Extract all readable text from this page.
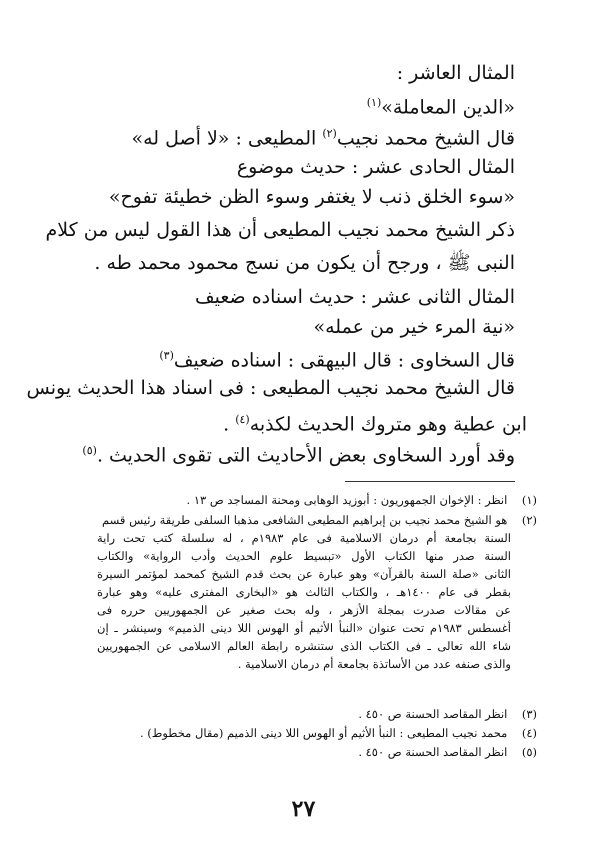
المثال العاشر :
«الدين المعاملة»$^{(١)}$
قال الشيخ محمد نجيب$^{(٢)}$ المطيعى : «لا أصل له»
المثال الحادى عشر : حديث موضوع
«سوء الخلق ذنب لا يغتفر وسوء الظن خطيئة تفوح»
ذكر الشيخ محمد نجيب المطيعى أن هذا القول ليس من كلام
النبى ﷺ ، ورجح أن يكون من نسج محمود محمد طه .
المثال الثانى عشر : حديث اسناده ضعيف
«نية المرء خير من عمله»
قال السخاوى : قال البيهقى : اسناده ضعيف$^{(٣)}$
قال الشيخ محمد نجيب المطيعى : فى اسناد هذا الحديث يونس
ابن عطية وهو متروك الحديث لكذبه$^{(٤)}$ .
وقد أورد السخاوى بعض الأحاديث التى تقوى الحديث .$^{(٥)}$
(١) انظر : الإخوان الجمهوريون : أبوزيد الوهابى ومحنة المساجد ص ١٣ .
(٢) هو الشيخ محمد نجيب بن إبراهيم المطيعى الشافعى مذهبا السلفى طريقة رئيس قسم
السنة بجامعة أم درمان الاسلامية فى عام ١٩٨٣م ، له سلسلة كتب تحت راية
السنة صدر منها الكتاب الأول «تبسيط علوم الحديث وأدب الرواية» والكتاب
الثانى «صلة السنة بالقرآن» وهو عبارة عن بحث قدم الشيخ كمحمد لمؤتمر السيرة
بقطر فى عام ١٤٠٠هـ ، والكتاب الثالث هو «البخارى المفترى عليه» وهو عبارة
عن مقالات صدرت بمجلة الأزهر ، وله بحث صغير عن الجمهوريين حرره فى
أغسطس ١٩٨٣م تحت عنوان «النبأ الأثيم أو الهوس اللا دينى الذميم» وسينشر ـ إن
شاء الله تعالى ـ فى الكتاب الذى ستنشره رابطة العالم الاسلامى عن الجمهوريين
والذى صنفه عدد من الأساتذة بجامعة أم درمان الاسلامية .
(٣) انظر المقاصد الحسنة ص ٤٥٠ .
(٤) محمد نجيب المطيعى : النبأ الأثيم أو الهوس اللا دينى الذميم (مقال مخطوط) .
(٥) انظر المقاصد الحسنة ص ٤٥٠ .
٢٧
